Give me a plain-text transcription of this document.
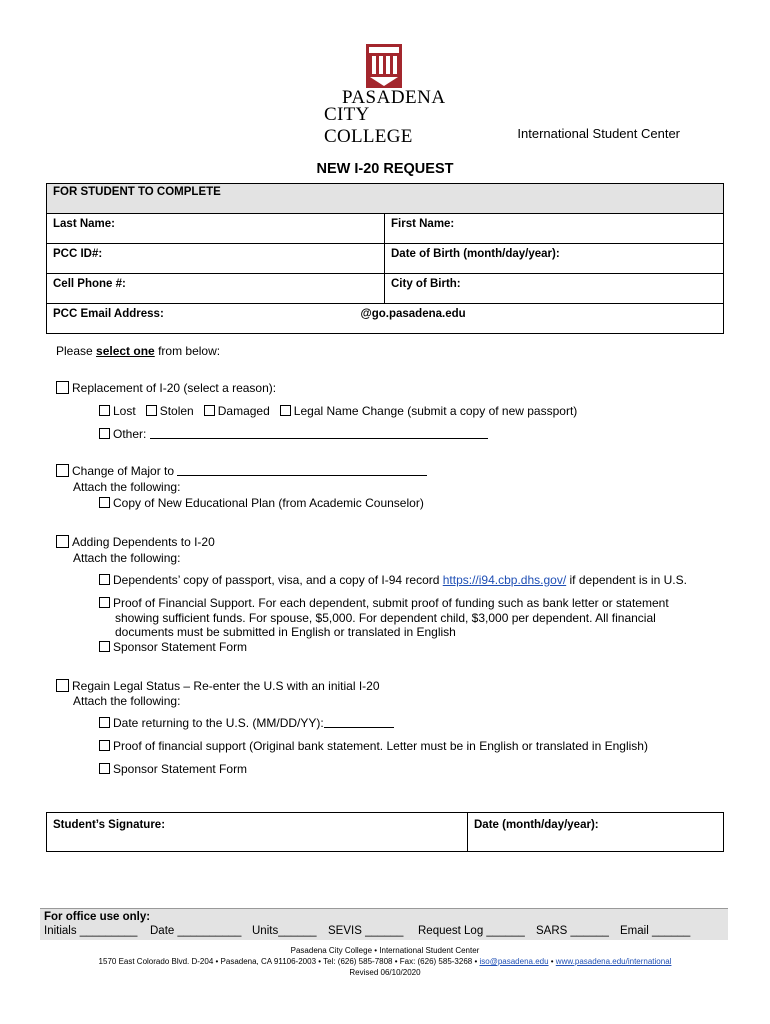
PASADENA
CITY COLLEGE	International Student Center
NEW I-20 REQUEST
FOR STUDENT TO COMPLETE	
Last Name:	First Name:
PCC ID#:	Date of Birth (month/day/year):
Cell Phone #:	City of Birth:
PCC Email Address:	@go.pasadena.edu
Please select one from below:
Replacement of I-20 (select a reason):
Lost Stolen Damaged Legal Name Change (submit a copy of new passport)
Other:
Change of Major to
Attach the following:
Copy of New Educational Plan (from Academic Counselor)
Adding Dependents to I-20
Attach the following:
Dependents’ copy of passport, visa, and a copy of I-94 record https://i94.cbp.dhs.gov/ if dependent is in U.S.
Proof of Financial Support. For each dependent, submit proof of funding such as bank letter or statement
showing sufficient funds. For spouse, $5,000. For dependent child, $3,000 per dependent. All financial
documents must be submitted in English or translated in English
Sponsor Statement Form
Regain Legal Status – Re-enter the U.S with an initial I-20
Attach the following:
Date returning to the U.S. (MM/DD/YY):
Proof of financial support (Original bank statement. Letter must be in English or translated in English)
Sponsor Statement Form
Student’s Signature:	Date (month/day/year):
For office use only:
Initials _________ Date __________ Units______ SEVIS ______ Request Log ______ SARS ______ Email ______
Pasadena City College • International Student Center
1570 East Colorado Blvd. D-204 • Pasadena, CA 91106-2003 • Tel: (626) 585-7808 • Fax: (626) 585-3268 • iso@pasadena.edu • www.pasadena.edu/international
Revised 06/10/2020
